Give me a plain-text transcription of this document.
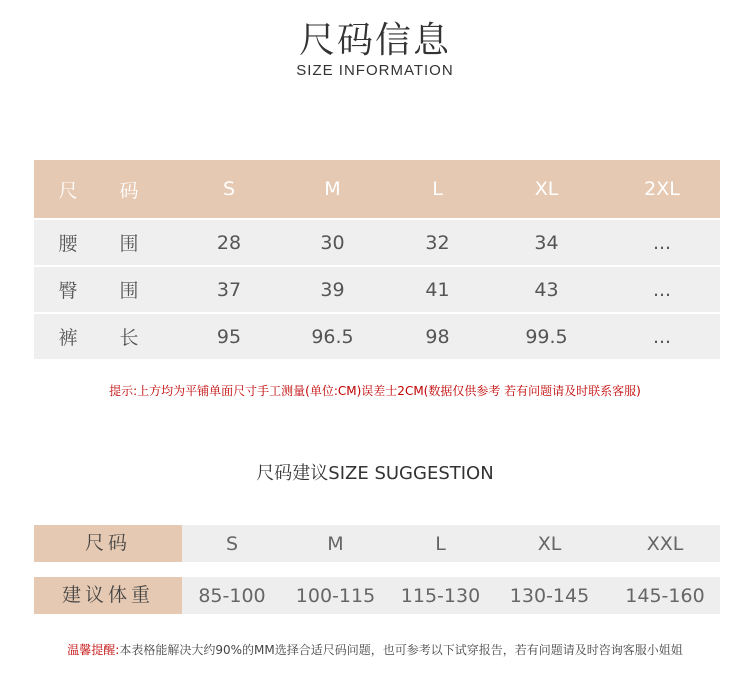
尺码信息
SIZE INFORMATION
尺 码	S	M	L	XL	2XL
腰 围	28	30	32	34	...
臀 围	37	39	41	43	...
裤 长	95	96.5	98	99.5	...
提示:上方均为平铺单面尺寸手工测量(单位:CM)误差士2CM(数据仅供参考 若有问题请及时联系客服)
尺码建议SIZE SUGGESTION
尺码	S	M	L	XL	XXL
建议体重	85-100	100-115	115-130	130-145	145-160
温馨提醒:本表格能解决大约90%的MM选择合适尺码问题，也可参考以下试穿报告，若有问题请及时咨询客服小姐姐
